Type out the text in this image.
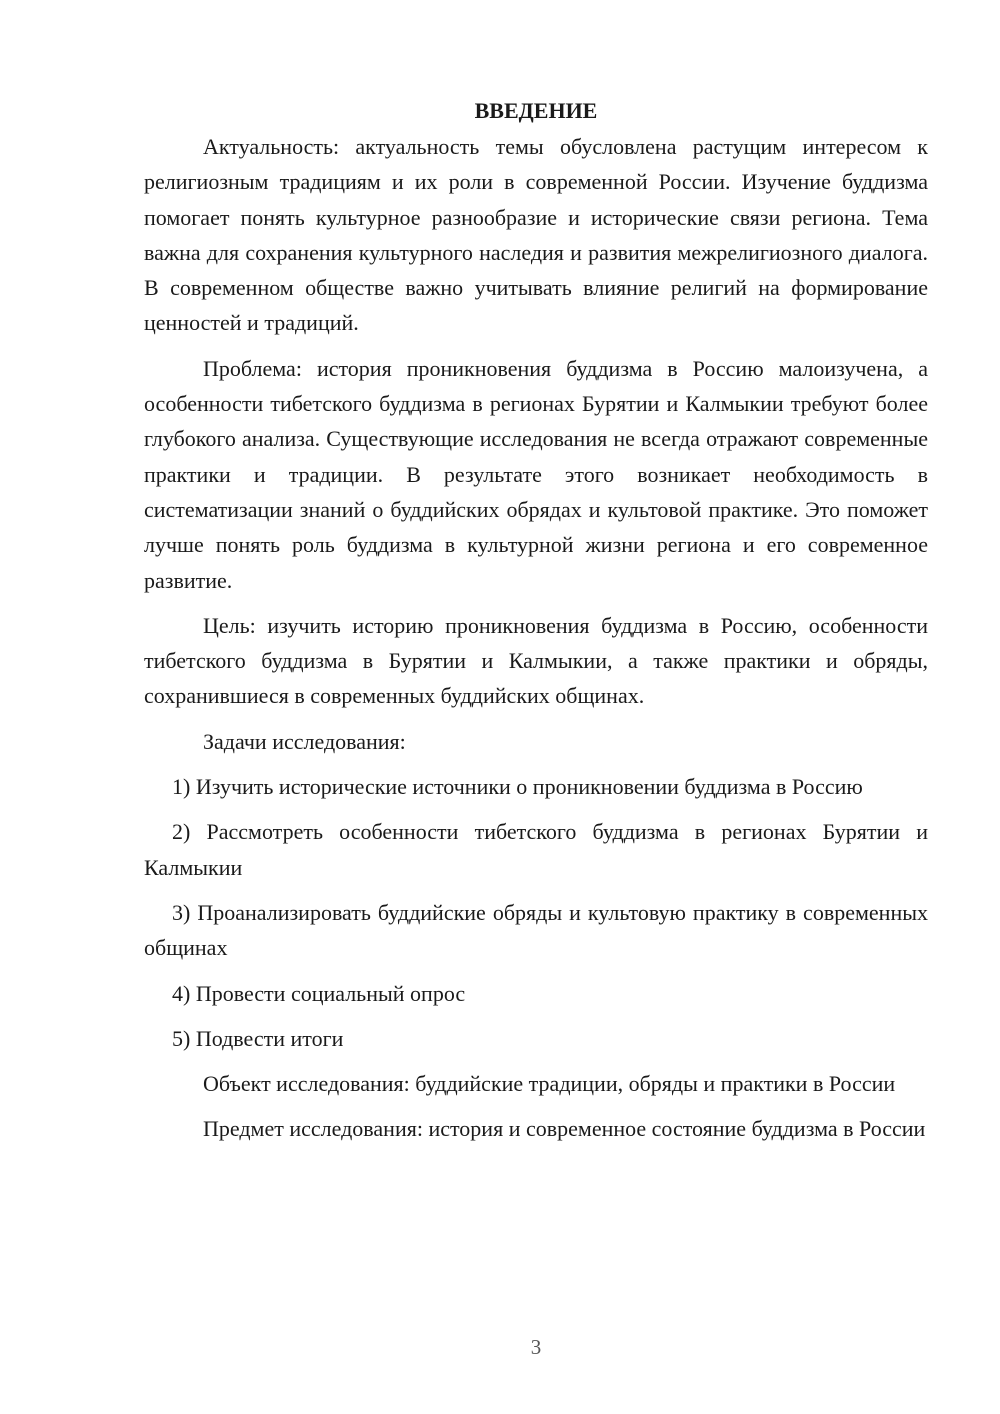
ВВЕДЕНИЕ

Актуальность: актуальность темы обусловлена растущим интересом к религиозным традициям и их роли в современной России. Изучение буддизма помогает понять культурное разнообразие и исторические связи региона. Тема важна для сохранения культурного наследия и развития межрелигиозного диалога. В современном обществе важно учитывать влияние религий на формирование ценностей и традиций.

Проблема: история проникновения буддизма в Россию малоизучена, а особенности тибетского буддизма в регионах Бурятии и Калмыкии требуют более глубокого анализа. Существующие исследования не всегда отражают современные практики и традиции. В результате этого возникает необходимость в систематизации знаний о буддийских обрядах и культовой практике. Это поможет лучше понять роль буддизма в культурной жизни региона и его современное развитие.

Цель: изучить историю проникновения буддизма в Россию, особенности тибетского буддизма в Бурятии и Калмыкии, а также практики и обряды, сохранившиеся в современных буддийских общинах.

Задачи исследования:

1) Изучить исторические источники о проникновении буддизма в Россию

2) Рассмотреть особенности тибетского буддизма в регионах Бурятии и Калмыкии

3) Проанализировать буддийские обряды и культовую практику в современных общинах

4) Провести социальный опрос

5) Подвести итоги

Объект исследования: буддийские традиции, обряды и практики в России

Предмет исследования: история и современное состояние буддизма в России

3
